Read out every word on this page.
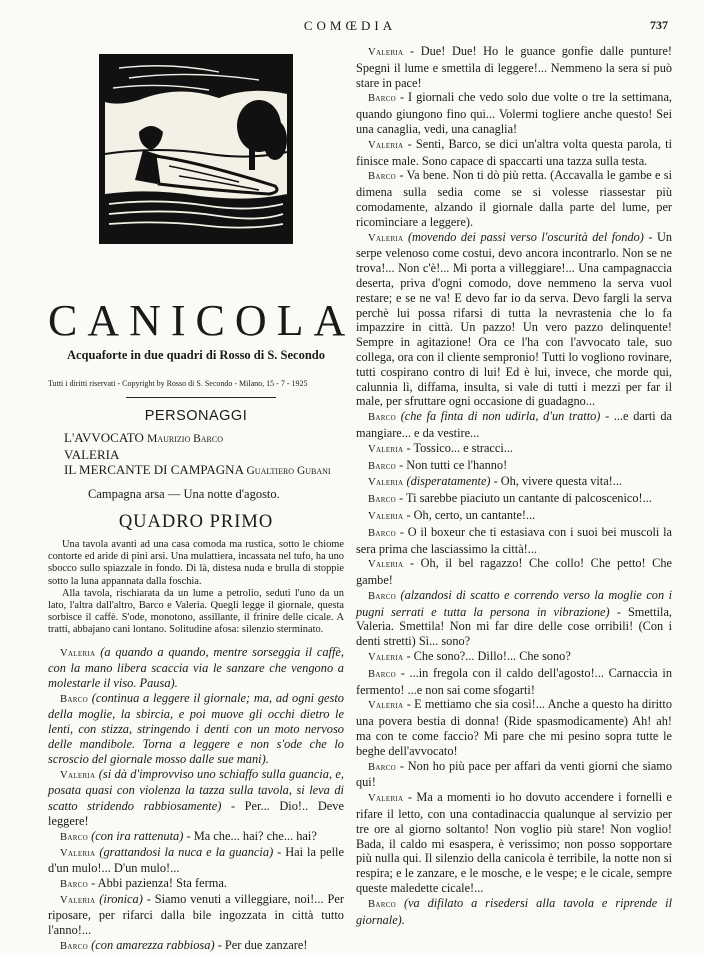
COMŒDIA	737
CANICOLA
Acquaforte in due quadri di Rosso di S. Secondo
Tutti i diritti riservati - Copyright by Rosso di S. Secondo - Milano, 15 - 7 - 1925
PERSONAGGI
L'AVVOCATO Maurizio Barco
VALERIA
IL MERCANTE DI CAMPAGNA Gualtiero Gubani
Campagna arsa — Una notte d'agosto.
QUADRO PRIMO

Una tavola avanti ad una casa comoda ma rustica, sotto le chiome contorte ed aride di pini arsi. Una mulattiera, incassata nel tufo, ha uno sbocco sullo spiazzale in fondo. Di là, distesa nuda e brulla di stoppie sotto la luna appannata dalla foschia.

Alla tavola, rischiarata da un lume a petrolio, seduti l'uno da un lato, l'altra dall'altro, Barco e Valeria. Quegli legge il giornale, questa sorbisce il caffè. S'ode, monotono, assillante, il frinire delle cicale. A tratti, abbajano cani lontano. Solitudine afosa: silenzio sterminato.

Valeria (a quando a quando, mentre sorseggia il caffè, con la mano libera scaccia via le sanzare che vengono a molestarle il viso. Pausa).

Barco (continua a leggere il giornale; ma, ad ogni gesto della moglie, la sbircia, e poi muove gli occhi dietro le lenti, con stizza, stringendo i denti con un moto nervoso delle mandibole. Torna a leggere e non s'ode che lo scroscio del giornale mosso dalle sue mani).

Valeria (si dà d'improvviso uno schiaffo sulla guancia, e, posata quasi con violenza la tazza sulla tavola, si leva di scatto stridendo rabbiosamente) - Per... Dio!.. Deve leggere!

Barco (con ira rattenuta) - Ma che... hai? che... hai?

Valeria (grattandosi la nuca e la guancia) - Hai la pelle d'un mulo!... D'un mulo!...

Barco - Abbi pazienza! Sta ferma.

Valeria (ironica) - Siamo venuti a villeggiare, noi!... Per riposare, per rifarci dalla bile ingozzata in città tutto l'anno!...

Barco (con amarezza rabbiosa) - Per due zanzare!

Valeria - Due! Due! Ho le guance gonfie dalle punture! Spegni il lume e smettila di leggere!... Nemmeno la sera si può stare in pace!

Barco - I giornali che vedo solo due volte o tre la settimana, quando giungono fino qui... Volermi togliere anche questo! Sei una canaglia, vedi, una canaglia!

Valeria - Senti, Barco, se dici un'altra volta questa parola, ti finisce male. Sono capace di spaccarti una tazza sulla testa.

Barco - Va bene. Non ti dò più retta. (Accavalla le gambe e si dimena sulla sedia come se si volesse riassestar più comodamente, alzando il giornale dalla parte del lume, per ricominciare a leggere).

Valeria (movendo dei passi verso l'oscurità del fondo) - Un serpe velenoso come costui, devo ancora incontrarlo. Non se ne trova!... Non c'è!... Mi porta a villeggiare!... Una campagnaccia deserta, priva d'ogni comodo, dove nemmeno la serva vuol restare; e se ne va! E devo far io da serva. Devo fargli la serva perchè lui possa rifarsi di tutta la nevrastenia che lo fa impazzire in città. Un pazzo! Un vero pazzo delinquente! Sempre in agitazione! Ora ce l'ha con l'avvocato tale, suo collega, ora con il cliente sempronio! Tutti lo vogliono rovinare, tutti cospirano contro di lui! Ed è lui, invece, che morde qui, calunnia lì, diffama, insulta, si vale di tutti i mezzi per far il male, per sfruttare ogni occasione di guadagno...

Barco (che fa finta di non udirla, d'un tratto) - ...e darti da mangiare... e da vestire...

Valeria - Tossico... e stracci...

Barco - Non tutti ce l'hanno!

Valeria (disperatamente) - Oh, vivere questa vita!...

Barco - Ti sarebbe piaciuto un cantante di palcoscenico!...

Valeria - Oh, certo, un cantante!...

Barco - O il boxeur che ti estasiava con i suoi bei muscoli la sera prima che lasciassimo la città!...

Valeria - Oh, il bel ragazzo! Che collo! Che petto! Che gambe!

Barco (alzandosi di scatto e correndo verso la moglie con i pugni serrati e tutta la persona in vibrazione) - Smettila, Valeria. Smettila! Non mi far dire delle cose orribili! (Con i denti stretti) Sì... sono?

Valeria - Che sono?... Dillo!... Che sono?

Barco - ...in fregola con il caldo dell'agosto!... Carnaccia in fermento! ...e non sai come sfogarti!

Valeria - E mettiamo che sia così!... Anche a questo ha diritto una povera bestia di donna! (Ride spasmodicamente) Ah! ah! ma con te come faccio? Mi pare che mi pesino sopra tutte le beghe dell'avvocato!

Barco - Non ho più pace per affari da venti giorni che siamo qui!

Valeria - Ma a momenti io ho dovuto accendere i fornelli e rifare il letto, con una contadinaccia qualunque al servizio per tre ore al giorno soltanto! Non voglio più stare! Non voglio! Bada, il caldo mi esaspera, è verissimo; non posso sopportare più nulla qui. Il silenzio della canicola è terribile, la notte non si respira; e le zanzare, e le mosche, e le vespe; e le cicale, sempre queste maledette cicale!...

Barco (va difilato a risedersi alla tavola e riprende il giornale).
